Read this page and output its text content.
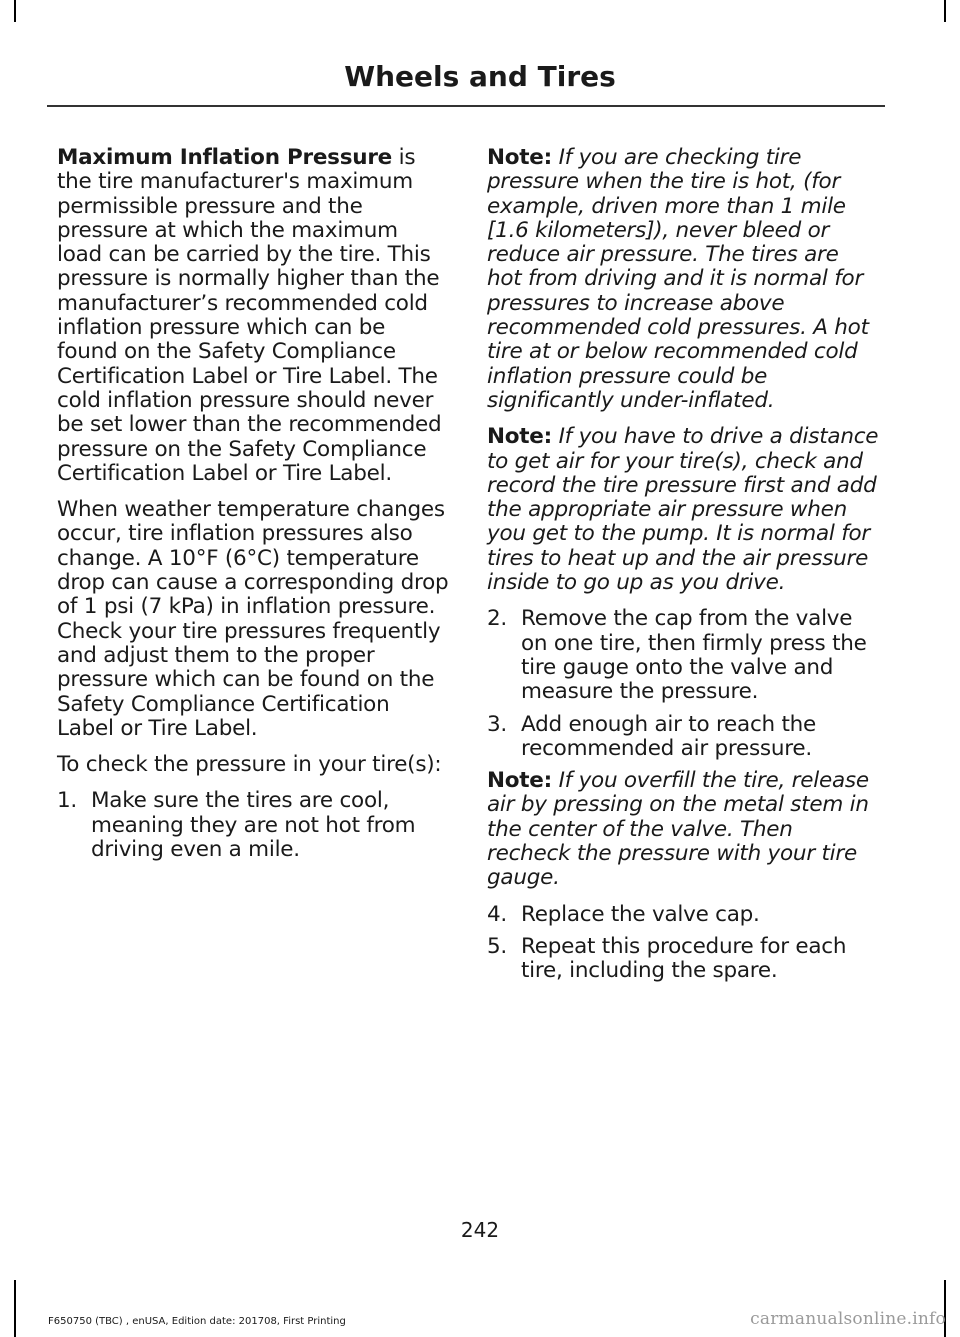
Wheels and Tires

Maximum Inflation Pressure is the tire manufacturer's maximum permissible pressure and the pressure at which the maximum load can be carried by the tire. This pressure is normally higher than the manufacturer’s recommended cold inflation pressure which can be found on the Safety Compliance Certification Label or Tire Label. The cold inflation pressure should never be set lower than the recommended pressure on the Safety Compliance Certification Label or Tire Label.

When weather temperature changes occur, tire inflation pressures also change. A 10°F (6°C) temperature drop can cause a corresponding drop of 1 psi (7 kPa) in inflation pressure. Check your tire pressures frequently and adjust them to the proper pressure which can be found on the Safety Compliance Certification Label or Tire Label.

To check the pressure in your tire(s):

1. Make sure the tires are cool, meaning they are not hot from driving even a mile.

Note: If you are checking tire pressure when the tire is hot, (for example, driven more than 1 mile [1.6 kilometers]), never bleed or reduce air pressure. The tires are hot from driving and it is normal for pressures to increase above recommended cold pressures. A hot tire at or below recommended cold inflation pressure could be significantly under-inflated.

Note: If you have to drive a distance to get air for your tire(s), check and record the tire pressure first and add the appropriate air pressure when you get to the pump. It is normal for tires to heat up and the air pressure inside to go up as you drive.

2. Remove the cap from the valve on one tire, then firmly press the tire gauge onto the valve and measure the pressure.
3. Add enough air to reach the recommended air pressure.

Note: If you overfill the tire, release air by pressing on the metal stem in the center of the valve. Then recheck the pressure with your tire gauge.

4. Replace the valve cap.
5. Repeat this procedure for each tire, including the spare.
242
F650750 (TBC) , enUSA, Edition date: 201708, First Printing	carmanualsonline.info
